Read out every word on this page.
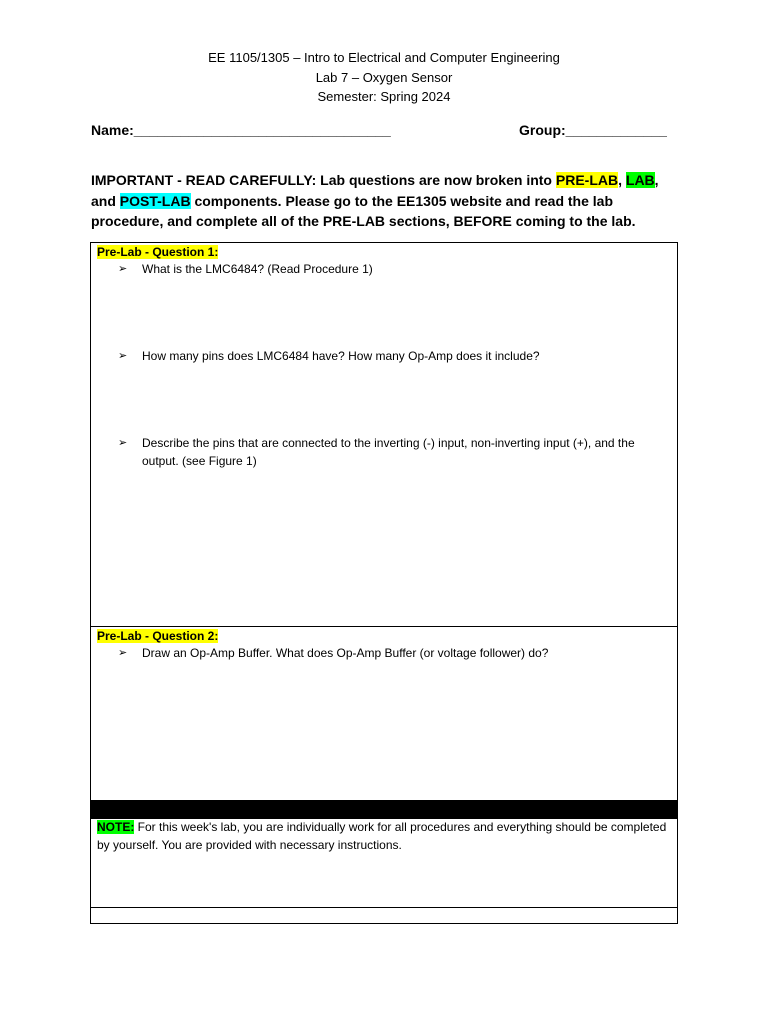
EE 1105/1305 – Intro to Electrical and Computer Engineering
Lab 7 – Oxygen Sensor
Semester: Spring 2024
Name:_________________________________	Group:_____________
IMPORTANT - READ CAREFULLY: Lab questions are now broken into PRE-LAB, LAB, and POST-LAB components. Please go to the EE1305 website and read the lab procedure, and complete all of the PRE-LAB sections, BEFORE coming to the lab.
Pre-Lab - Question 1:
➢ What is the LMC6484? (Read Procedure 1)
➢ How many pins does LMC6484 have? How many Op-Amp does it include?
➢ Describe the pins that are connected to the inverting (-) input, non-inverting input (+), and the output. (see Figure 1)
Pre-Lab - Question 2:
➢ Draw an Op-Amp Buffer. What does Op-Amp Buffer (or voltage follower) do?
NOTE: For this week's lab, you are individually work for all procedures and everything should be completed by yourself. You are provided with necessary instructions.
